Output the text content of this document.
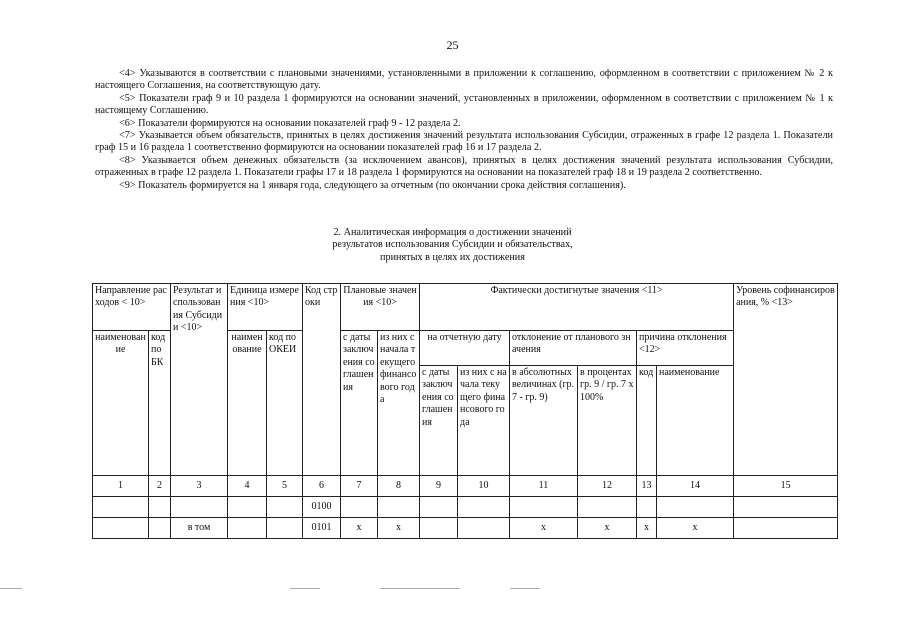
25

<4> Указываются в соответствии с плановыми значениями, установленными в приложении к соглашению, оформленном в соответствии с приложением № 2 к настоящего Соглашения, на соответствующую дату.

<5> Показатели граф 9 и 10 раздела 1 формируются на основании значений, установленных в приложении, оформленном в соответствии с приложением № 1 к настоящему Соглашению.

<6> Показатели формируются на основании показателей граф 9 - 12 раздела 2.

<7> Указывается объем обязательств, принятых в целях достижения значений результата использования Субсидии, отраженных в графе 12 раздела 1. Показатели граф 15 и 16 раздела 1 соответственно формируются на основании показателей граф 16 и 17 раздела 2.

<8> Указывается объем денежных обязательств (за исключением авансов), принятых в целях достижения значений результата использования Субсидии, отраженных в графе 12 раздела 1. Показатели графы 17 и 18 раздела 1 формируются на основании на показателей граф 18 и 19 раздела 2 соответственно.

<9> Показатель формируется на 1 января года, следующего за отчетным (по окончании срока действия соглашения).

2. Аналитическая информация о достижении значений
результатов использования Субсидии и обязательствах,
принятых в целях их достижения
Направление расходов < 10>		Результат использования Субсидии <10>	Единица измерения <10>		Код строки	Плановые значения <10>		Фактически достигнутые значения <11>						Уровень софинансирования, % <13>
наименование	код по БК		наименование	код по ОКЕИ		с даты заключения соглашения	из них с начала текущего финансового года	на отчетную дату		отклонение от планового значения		причина отклонения <12>		
								с даты заключения соглашения	из них с начала текущего финансового года	в абсолютных величинах (гр. 7 - гр. 9)	в процентах гр. 9 / гр. 7 х 100%	код	наименование	
1	2	3	4	5	6	7	8	9	10	11	12	13	14	15
					0100									
		в том			0101	x	x			x	x	x	x	
